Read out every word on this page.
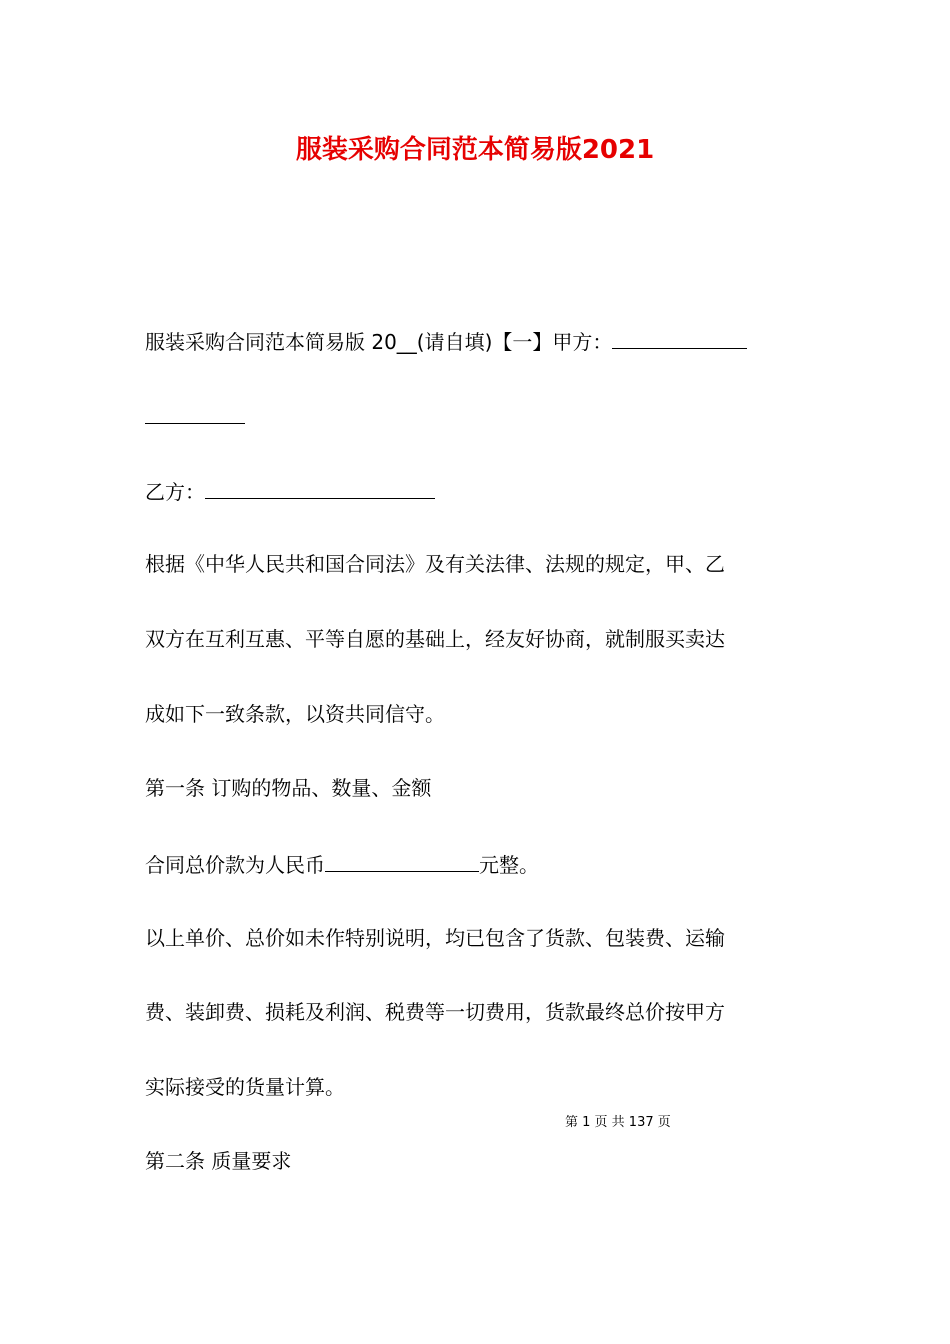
服装采购合同范本简易版2021
服装采购合同范本简易版 20__(请自填)【一】甲方：
乙方：
根据《中华人民共和国合同法》及有关法律、法规的规定，甲、乙
双方在互利互惠、平等自愿的基础上，经友好协商，就制服买卖达
成如下一致条款，以资共同信守。
第一条 订购的物品、数量、金额
合同总价款为人民币	元整。
以上单价、总价如未作特别说明，均已包含了货款、包装费、运输
费、装卸费、损耗及利润、税费等一切费用，货款最终总价按甲方
实际接受的货量计算。
第 1 页 共 137 页
第二条 质量要求
